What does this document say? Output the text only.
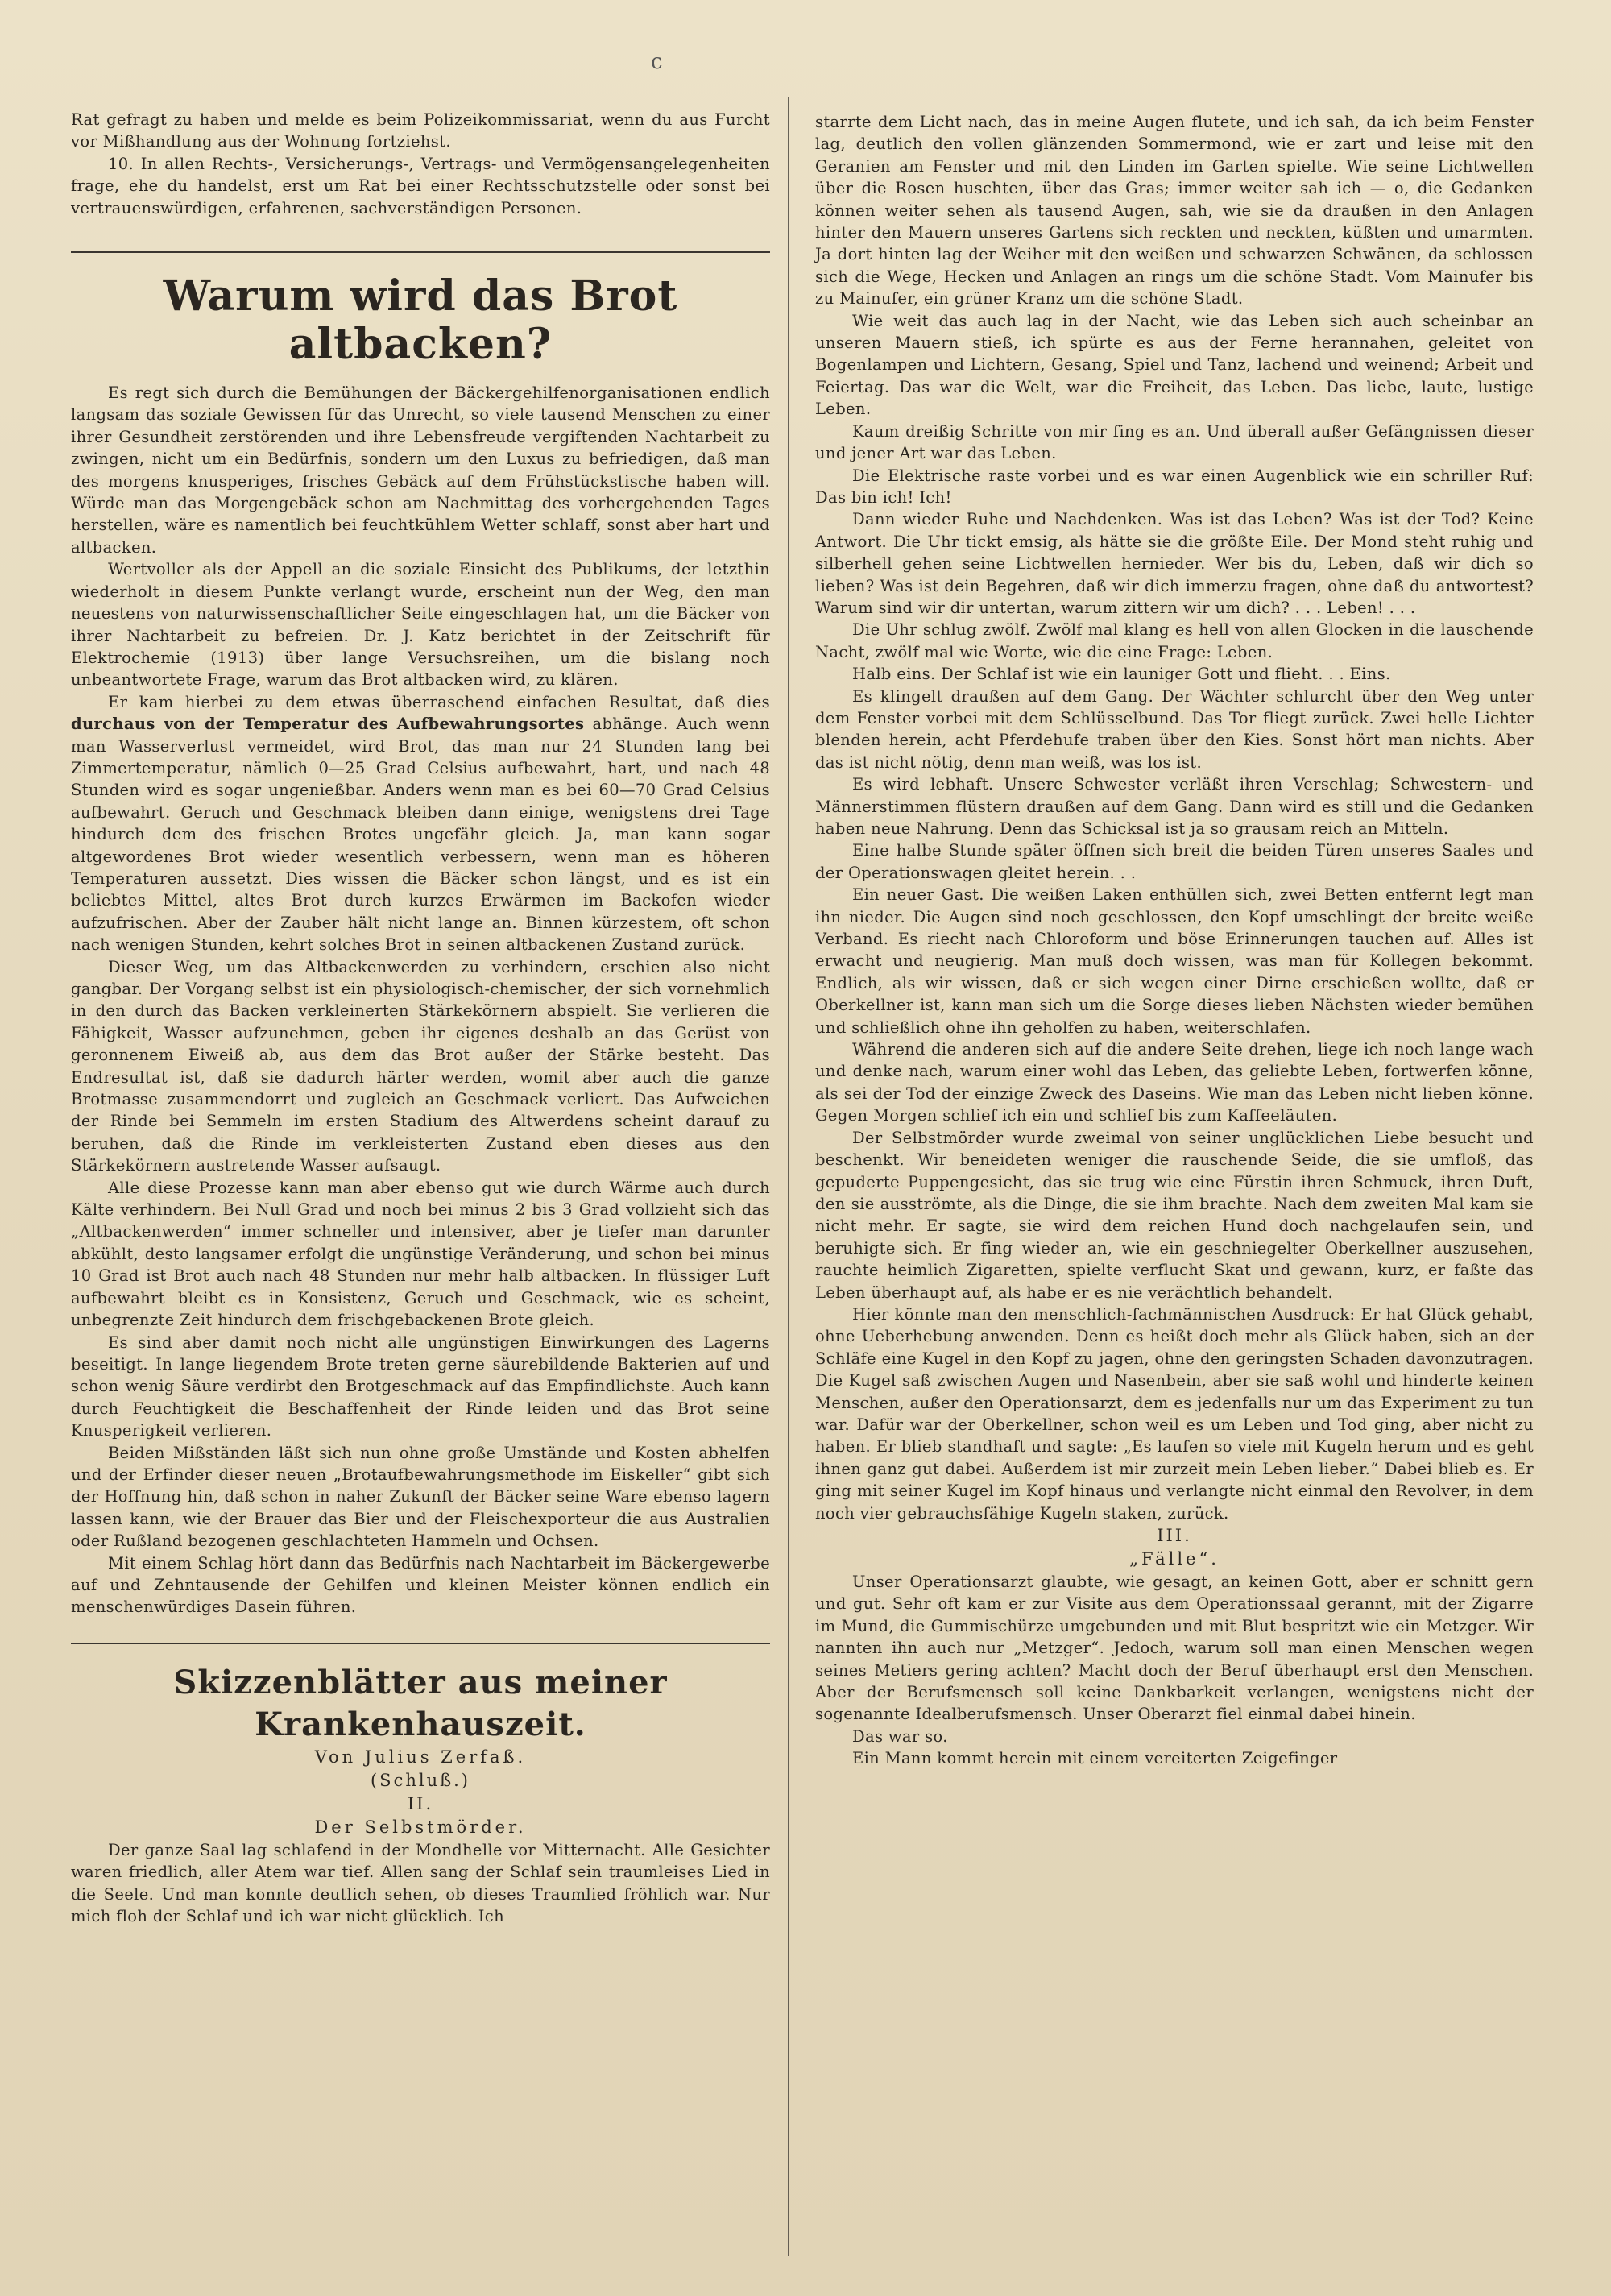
c

Rat gefragt zu haben und melde es beim Polizeikommissariat, wenn du aus Furcht vor Mißhandlung aus der Wohnung fortziehst.

10. In allen Rechts-, Versicherungs-, Vertrags- und Vermögensangelegenheiten frage, ehe du handelst, erst um Rat bei einer Rechtsschutzstelle oder sonst bei vertrauenswürdigen, erfahrenen, sachverständigen Personen.

Warum wird das Brot altbacken?

Es regt sich durch die Bemühungen der Bäckergehilfenorganisationen endlich langsam das soziale Gewissen für das Unrecht, so viele tausend Menschen zu einer ihrer Gesundheit zerstörenden und ihre Lebensfreude vergiftenden Nachtarbeit zu zwingen, nicht um ein Bedürfnis, sondern um den Luxus zu befriedigen, daß man des morgens knusperiges, frisches Gebäck auf dem Frühstückstische haben will. Würde man das Morgengebäck schon am Nachmittag des vorhergehenden Tages herstellen, wäre es namentlich bei feuchtkühlem Wetter schlaff, sonst aber hart und altbacken.

Wertvoller als der Appell an die soziale Einsicht des Publikums, der letzthin wiederholt in diesem Punkte verlangt wurde, erscheint nun der Weg, den man neuestens von naturwissenschaftlicher Seite eingeschlagen hat, um die Bäcker von ihrer Nachtarbeit zu befreien. Dr. J. Katz berichtet in der Zeitschrift für Elektrochemie (1913) über lange Versuchsreihen, um die bislang noch unbeantwortete Frage, warum das Brot altbacken wird, zu klären.

Er kam hierbei zu dem etwas überraschend einfachen Resultat, daß dies durchaus von der Temperatur des Aufbewahrungsortes abhänge. Auch wenn man Wasserverlust vermeidet, wird Brot, das man nur 24 Stunden lang bei Zimmertemperatur, nämlich 0—25 Grad Celsius aufbewahrt, hart, und nach 48 Stunden wird es sogar ungenießbar. Anders wenn man es bei 60—70 Grad Celsius aufbewahrt. Geruch und Geschmack bleiben dann einige, wenigstens drei Tage hindurch dem des frischen Brotes ungefähr gleich. Ja, man kann sogar altgewordenes Brot wieder wesentlich verbessern, wenn man es höheren Temperaturen aussetzt. Dies wissen die Bäcker schon längst, und es ist ein beliebtes Mittel, altes Brot durch kurzes Erwärmen im Backofen wieder aufzufrischen. Aber der Zauber hält nicht lange an. Binnen kürzestem, oft schon nach wenigen Stunden, kehrt solches Brot in seinen altbackenen Zustand zurück.

Dieser Weg, um das Altbackenwerden zu verhindern, erschien also nicht gangbar. Der Vorgang selbst ist ein physiologisch-chemischer, der sich vornehmlich in den durch das Backen verkleinerten Stärkekörnern abspielt. Sie verlieren die Fähigkeit, Wasser aufzunehmen, geben ihr eigenes deshalb an das Gerüst von geronnenem Eiweiß ab, aus dem das Brot außer der Stärke besteht. Das Endresultat ist, daß sie dadurch härter werden, womit aber auch die ganze Brotmasse zusammendorrt und zugleich an Geschmack verliert. Das Aufweichen der Rinde bei Semmeln im ersten Stadium des Altwerdens scheint darauf zu beruhen, daß die Rinde im verkleisterten Zustand eben dieses aus den Stärkekörnern austretende Wasser aufsaugt.

Alle diese Prozesse kann man aber ebenso gut wie durch Wärme auch durch Kälte verhindern. Bei Null Grad und noch bei minus 2 bis 3 Grad vollzieht sich das „Altbackenwerden“ immer schneller und intensiver, aber je tiefer man darunter abkühlt, desto langsamer erfolgt die ungünstige Veränderung, und schon bei minus 10 Grad ist Brot auch nach 48 Stunden nur mehr halb altbacken. In flüssiger Luft aufbewahrt bleibt es in Konsistenz, Geruch und Geschmack, wie es scheint, unbegrenzte Zeit hindurch dem frischgebackenen Brote gleich.

Es sind aber damit noch nicht alle ungünstigen Einwirkungen des Lagerns beseitigt. In lange liegendem Brote treten gerne säurebildende Bakterien auf und schon wenig Säure verdirbt den Brotgeschmack auf das Empfindlichste. Auch kann durch Feuchtigkeit die Beschaffenheit der Rinde leiden und das Brot seine Knusperigkeit verlieren.

Beiden Mißständen läßt sich nun ohne große Umstände und Kosten abhelfen und der Erfinder dieser neuen „Brotaufbewahrungsmethode im Eiskeller“ gibt sich der Hoffnung hin, daß schon in naher Zukunft der Bäcker seine Ware ebenso lagern lassen kann, wie der Brauer das Bier und der Fleischexporteur die aus Australien oder Rußland bezogenen geschlachteten Hammeln und Ochsen.

Mit einem Schlag hört dann das Bedürfnis nach Nachtarbeit im Bäckergewerbe auf und Zehntausende der Gehilfen und kleinen Meister können endlich ein menschenwürdiges Dasein führen.

Skizzenblätter aus meiner Krankenhauszeit.

Von Julius Zerfaß.

(Schluß.)

II.

Der Selbstmörder.

Der ganze Saal lag schlafend in der Mondhelle vor Mitternacht. Alle Gesichter waren friedlich, aller Atem war tief. Allen sang der Schlaf sein traumleises Lied in die Seele. Und man konnte deutlich sehen, ob dieses Traumlied fröhlich war. Nur mich floh der Schlaf und ich war nicht glücklich. Ich

starrte dem Licht nach, das in meine Augen flutete, und ich sah, da ich beim Fenster lag, deutlich den vollen glänzenden Sommermond, wie er zart und leise mit den Geranien am Fenster und mit den Linden im Garten spielte. Wie seine Lichtwellen über die Rosen huschten, über das Gras; immer weiter sah ich — o, die Gedanken können weiter sehen als tausend Augen, sah, wie sie da draußen in den Anlagen hinter den Mauern unseres Gartens sich reckten und neckten, küßten und umarmten. Ja dort hinten lag der Weiher mit den weißen und schwarzen Schwänen, da schlossen sich die Wege, Hecken und Anlagen an rings um die schöne Stadt. Vom Mainufer bis zu Mainufer, ein grüner Kranz um die schöne Stadt.

Wie weit das auch lag in der Nacht, wie das Leben sich auch scheinbar an unseren Mauern stieß, ich spürte es aus der Ferne herannahen, geleitet von Bogenlampen und Lichtern, Gesang, Spiel und Tanz, lachend und weinend; Arbeit und Feiertag. Das war die Welt, war die Freiheit, das Leben. Das liebe, laute, lustige Leben.

Kaum dreißig Schritte von mir fing es an. Und überall außer Gefängnissen dieser und jener Art war das Leben.

Die Elektrische raste vorbei und es war einen Augenblick wie ein schriller Ruf: Das bin ich! Ich!

Dann wieder Ruhe und Nachdenken. Was ist das Leben? Was ist der Tod? Keine Antwort. Die Uhr tickt emsig, als hätte sie die größte Eile. Der Mond steht ruhig und silberhell gehen seine Lichtwellen hernieder. Wer bis du, Leben, daß wir dich so lieben? Was ist dein Begehren, daß wir dich immerzu fragen, ohne daß du antwortest? Warum sind wir dir untertan, warum zittern wir um dich? . . . Leben! . . .

Die Uhr schlug zwölf. Zwölf mal klang es hell von allen Glocken in die lauschende Nacht, zwölf mal wie Worte, wie die eine Frage: Leben.

Halb eins. Der Schlaf ist wie ein launiger Gott und flieht. . . Eins.

Es klingelt draußen auf dem Gang. Der Wächter schlurcht über den Weg unter dem Fenster vorbei mit dem Schlüsselbund. Das Tor fliegt zurück. Zwei helle Lichter blenden herein, acht Pferdehufe traben über den Kies. Sonst hört man nichts. Aber das ist nicht nötig, denn man weiß, was los ist.

Es wird lebhaft. Unsere Schwester verläßt ihren Verschlag; Schwestern- und Männerstimmen flüstern draußen auf dem Gang. Dann wird es still und die Gedanken haben neue Nahrung. Denn das Schicksal ist ja so grausam reich an Mitteln.

Eine halbe Stunde später öffnen sich breit die beiden Türen unseres Saales und der Operationswagen gleitet herein. . .

Ein neuer Gast. Die weißen Laken enthüllen sich, zwei Betten entfernt legt man ihn nieder. Die Augen sind noch geschlossen, den Kopf umschlingt der breite weiße Verband. Es riecht nach Chloroform und böse Erinnerungen tauchen auf. Alles ist erwacht und neugierig. Man muß doch wissen, was man für Kollegen bekommt. Endlich, als wir wissen, daß er sich wegen einer Dirne erschießen wollte, daß er Oberkellner ist, kann man sich um die Sorge dieses lieben Nächsten wieder bemühen und schließlich ohne ihn geholfen zu haben, weiterschlafen.

Während die anderen sich auf die andere Seite drehen, liege ich noch lange wach und denke nach, warum einer wohl das Leben, das geliebte Leben, fortwerfen könne, als sei der Tod der einzige Zweck des Daseins. Wie man das Leben nicht lieben könne. Gegen Morgen schlief ich ein und schlief bis zum Kaffeeläuten.

Der Selbstmörder wurde zweimal von seiner unglücklichen Liebe besucht und beschenkt. Wir beneideten weniger die rauschende Seide, die sie umfloß, das gepuderte Puppengesicht, das sie trug wie eine Fürstin ihren Schmuck, ihren Duft, den sie ausströmte, als die Dinge, die sie ihm brachte. Nach dem zweiten Mal kam sie nicht mehr. Er sagte, sie wird dem reichen Hund doch nachgelaufen sein, und beruhigte sich. Er fing wieder an, wie ein geschniegelter Oberkellner auszusehen, rauchte heimlich Zigaretten, spielte verflucht Skat und gewann, kurz, er faßte das Leben überhaupt auf, als habe er es nie verächtlich behandelt.

Hier könnte man den menschlich-fachmännischen Ausdruck: Er hat Glück gehabt, ohne Ueberhebung anwenden. Denn es heißt doch mehr als Glück haben, sich an der Schläfe eine Kugel in den Kopf zu jagen, ohne den geringsten Schaden davonzutragen. Die Kugel saß zwischen Augen und Nasenbein, aber sie saß wohl und hinderte keinen Menschen, außer den Operationsarzt, dem es jedenfalls nur um das Experiment zu tun war. Dafür war der Oberkellner, schon weil es um Leben und Tod ging, aber nicht zu haben. Er blieb standhaft und sagte: „Es laufen so viele mit Kugeln herum und es geht ihnen ganz gut dabei. Außerdem ist mir zurzeit mein Leben lieber.“ Dabei blieb es. Er ging mit seiner Kugel im Kopf hinaus und verlangte nicht einmal den Revolver, in dem noch vier gebrauchsfähige Kugeln staken, zurück.

III.

„Fälle“.

Unser Operationsarzt glaubte, wie gesagt, an keinen Gott, aber er schnitt gern und gut. Sehr oft kam er zur Visite aus dem Operationssaal gerannt, mit der Zigarre im Mund, die Gummischürze umgebunden und mit Blut bespritzt wie ein Metzger. Wir nannten ihn auch nur „Metzger“. Jedoch, warum soll man einen Menschen wegen seines Metiers gering achten? Macht doch der Beruf überhaupt erst den Menschen. Aber der Berufsmensch soll keine Dankbarkeit verlangen, wenigstens nicht der sogenannte Idealberufsmensch. Unser Oberarzt fiel einmal dabei hinein.

Das war so.

Ein Mann kommt herein mit einem vereiterten Zeigefinger
